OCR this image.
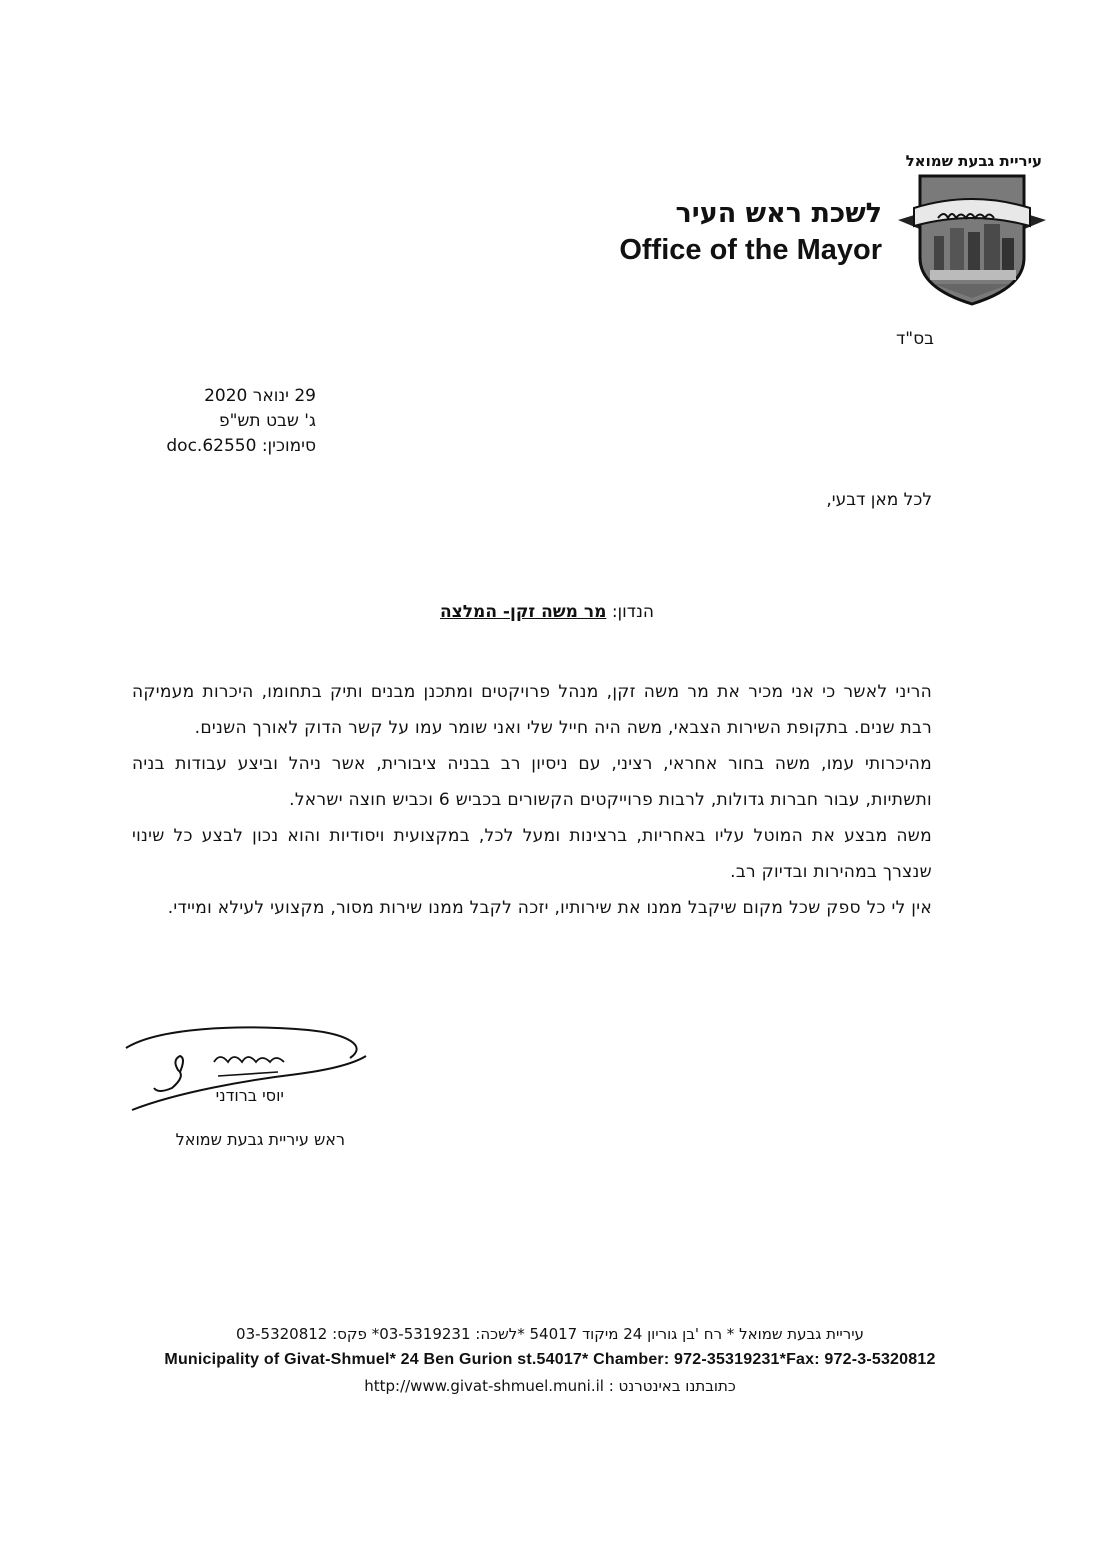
עיריית גבעת שמואל
לשכת ראש העיר
Office of the Mayor
בס"ד
29 ינואר 2020
ג' שבט תש"פ
סימוכין: doc.62550
לכל מאן דבעי,
הנדון: מר משה זקן- המלצה

הריני לאשר כי אני מכיר את מר משה זקן, מנהל פרויקטים ומתכנן מבנים ותיק בתחומו, היכרות מעמיקה רבת שנים. בתקופת השירות הצבאי, משה היה חייל שלי ואני שומר עמו על קשר הדוק לאורך השנים.

מהיכרותי עמו, משה בחור אחראי, רציני, עם ניסיון רב בבניה ציבורית, אשר ניהל וביצע עבודות בניה ותשתיות, עבור חברות גדולות, לרבות פרוייקטים הקשורים בכביש 6 וכביש חוצה ישראל.

משה מבצע את המוטל עליו באחריות, ברצינות ומעל לכל, במקצועית ויסודיות והוא נכון לבצע כל שינוי שנצרך במהירות ובדיוק רב.

אין לי כל ספק שכל מקום שיקבל ממנו את שירותיו, יזכה לקבל ממנו שירות מסור, מקצועי לעילא ומיידי.

יוסי ברודני
ראש עיריית גבעת שמואל
עיריית גבעת שמואל * רח 'בן גוריון 24 מיקוד 54017 *לשכה: 03-5319231* פקס: 03-5320812
Municipality of Givat-Shmuel* 24 Ben Gurion st.54017* Chamber: 972-35319231*Fax: 972-3-5320812
כתובתנו באינטרנט : http://www.givat-shmuel.muni.il
